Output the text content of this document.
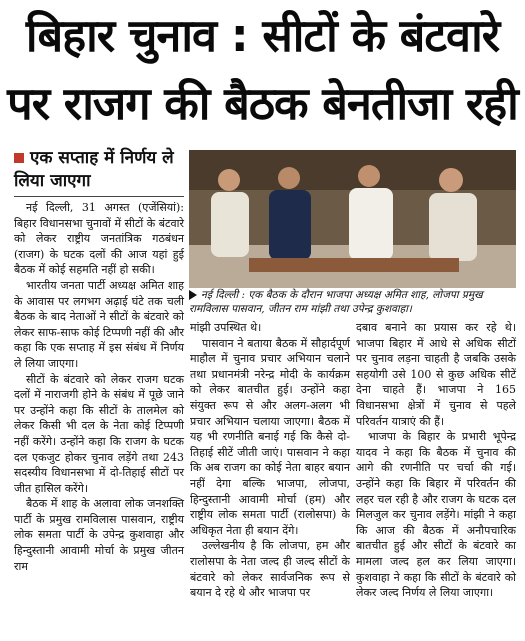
बिहार चुनाव : सीटों के बंटवारे
पर राजग की बैठक बेनतीजा रही
एक सप्ताह में निर्णय ले लिया जाएगा

नई दिल्ली, 31 अगस्त (एजेंसियां): बिहार विधानसभा चुनावों में सीटों के बंटवारे को लेकर राष्ट्रीय जनतांत्रिक गठबंधन (राजग) के घटक दलों की आज यहां हुई बैठक में कोई सहमति नहीं हो सकी।

भारतीय जनता पार्टी अध्यक्ष अमित शाह के आवास पर लगभग अढ़ाई घंटे तक चली बैठक के बाद नेताओं ने सीटों के बंटवारे को लेकर साफ-साफ कोई टिप्पणी नहीं की और कहा कि एक सप्ताह में इस संबंध में निर्णय ले लिया जाएगा।

सीटों के बंटवारे को लेकर राजग घटक दलों में नाराजगी होने के संबंध में पूछे जाने पर उन्होंने कहा कि सीटों के तालमेल को लेकर किसी भी दल के नेता कोई टिप्पणी नहीं करेंगे। उन्होंने कहा कि राजग के घटक दल एकजुट होकर चुनाव लड़ेंगे तथा 243 सदस्यीय विधानसभा में दो-तिहाई सीटों पर जीत हासिल करेंगे।

बैठक में शाह के अलावा लोक जनशक्ति पार्टी के प्रमुख रामविलास पासवान, राष्ट्रीय लोक समता पार्टी के उपेन्द्र कुशवाहा और हिन्दुस्तानी आवामी मोर्चा के प्रमुख जीतन राम

नई दिल्ली : एक बैठक के दौरान भाजपा अध्यक्ष अमित शाह, लोजपा प्रमुख रामविलास पासवान, जीतन राम मांझी तथा उपेन्द्र कुशवाहा।

मांझी उपस्थित थे।

पासवान ने बताया बैठक में सौहार्दपूर्ण माहौल में चुनाव प्रचार अभियान चलाने तथा प्रधानमंत्री नरेन्द्र मोदी के कार्यक्रम को लेकर बातचीत हुई। उन्होंने कहा संयुक्त रूप से और अलग-अलग भी प्रचार अभियान चलाया जाएगा। बैठक में यह भी रणनीति बनाई गई कि कैसे दो-तिहाई सीटें जीती जाएं। पासवान ने कहा कि अब राजग का कोई नेता बाहर बयान नहीं देगा बल्कि भाजपा, लोजपा, हिन्दुस्तानी आवामी मोर्चा (हम) और राष्ट्रीय लोक समता पार्टी (रालोसपा) के अधिकृत नेता ही बयान देंगे।

उल्लेखनीय है कि लोजपा, हम और रालोसपा के नेता जल्द ही जल्द सीटों के बंटवारे को लेकर सार्वजनिक रूप से बयान दे रहे थे और भाजपा पर

दबाव बनाने का प्रयास कर रहे थे। भाजपा बिहार में आधे से अधिक सीटों पर चुनाव लड़ना चाहती है जबकि उसके सहयोगी उसे 100 से कुछ अधिक सीटें देना चाहते हैं। भाजपा ने 165 विधानसभा क्षेत्रों में चुनाव से पहले परिवर्तन यात्राएं की हैं।

भाजपा के बिहार के प्रभारी भूपेन्द्र यादव ने कहा कि बैठक में चुनाव की आगे की रणनीति पर चर्चा की गई। उन्होंने कहा कि बिहार में परिवर्तन की लहर चल रही है और राजग के घटक दल मिलजुल कर चुनाव लड़ेंगे। मांझी ने कहा कि आज की बैठक में अनौपचारिक बातचीत हुई और सीटों के बंटवारे का मामला जल्द हल कर लिया जाएगा। कुशवाहा ने कहा कि सीटों के बंटवारे को लेकर जल्द निर्णय ले लिया जाएगा।
